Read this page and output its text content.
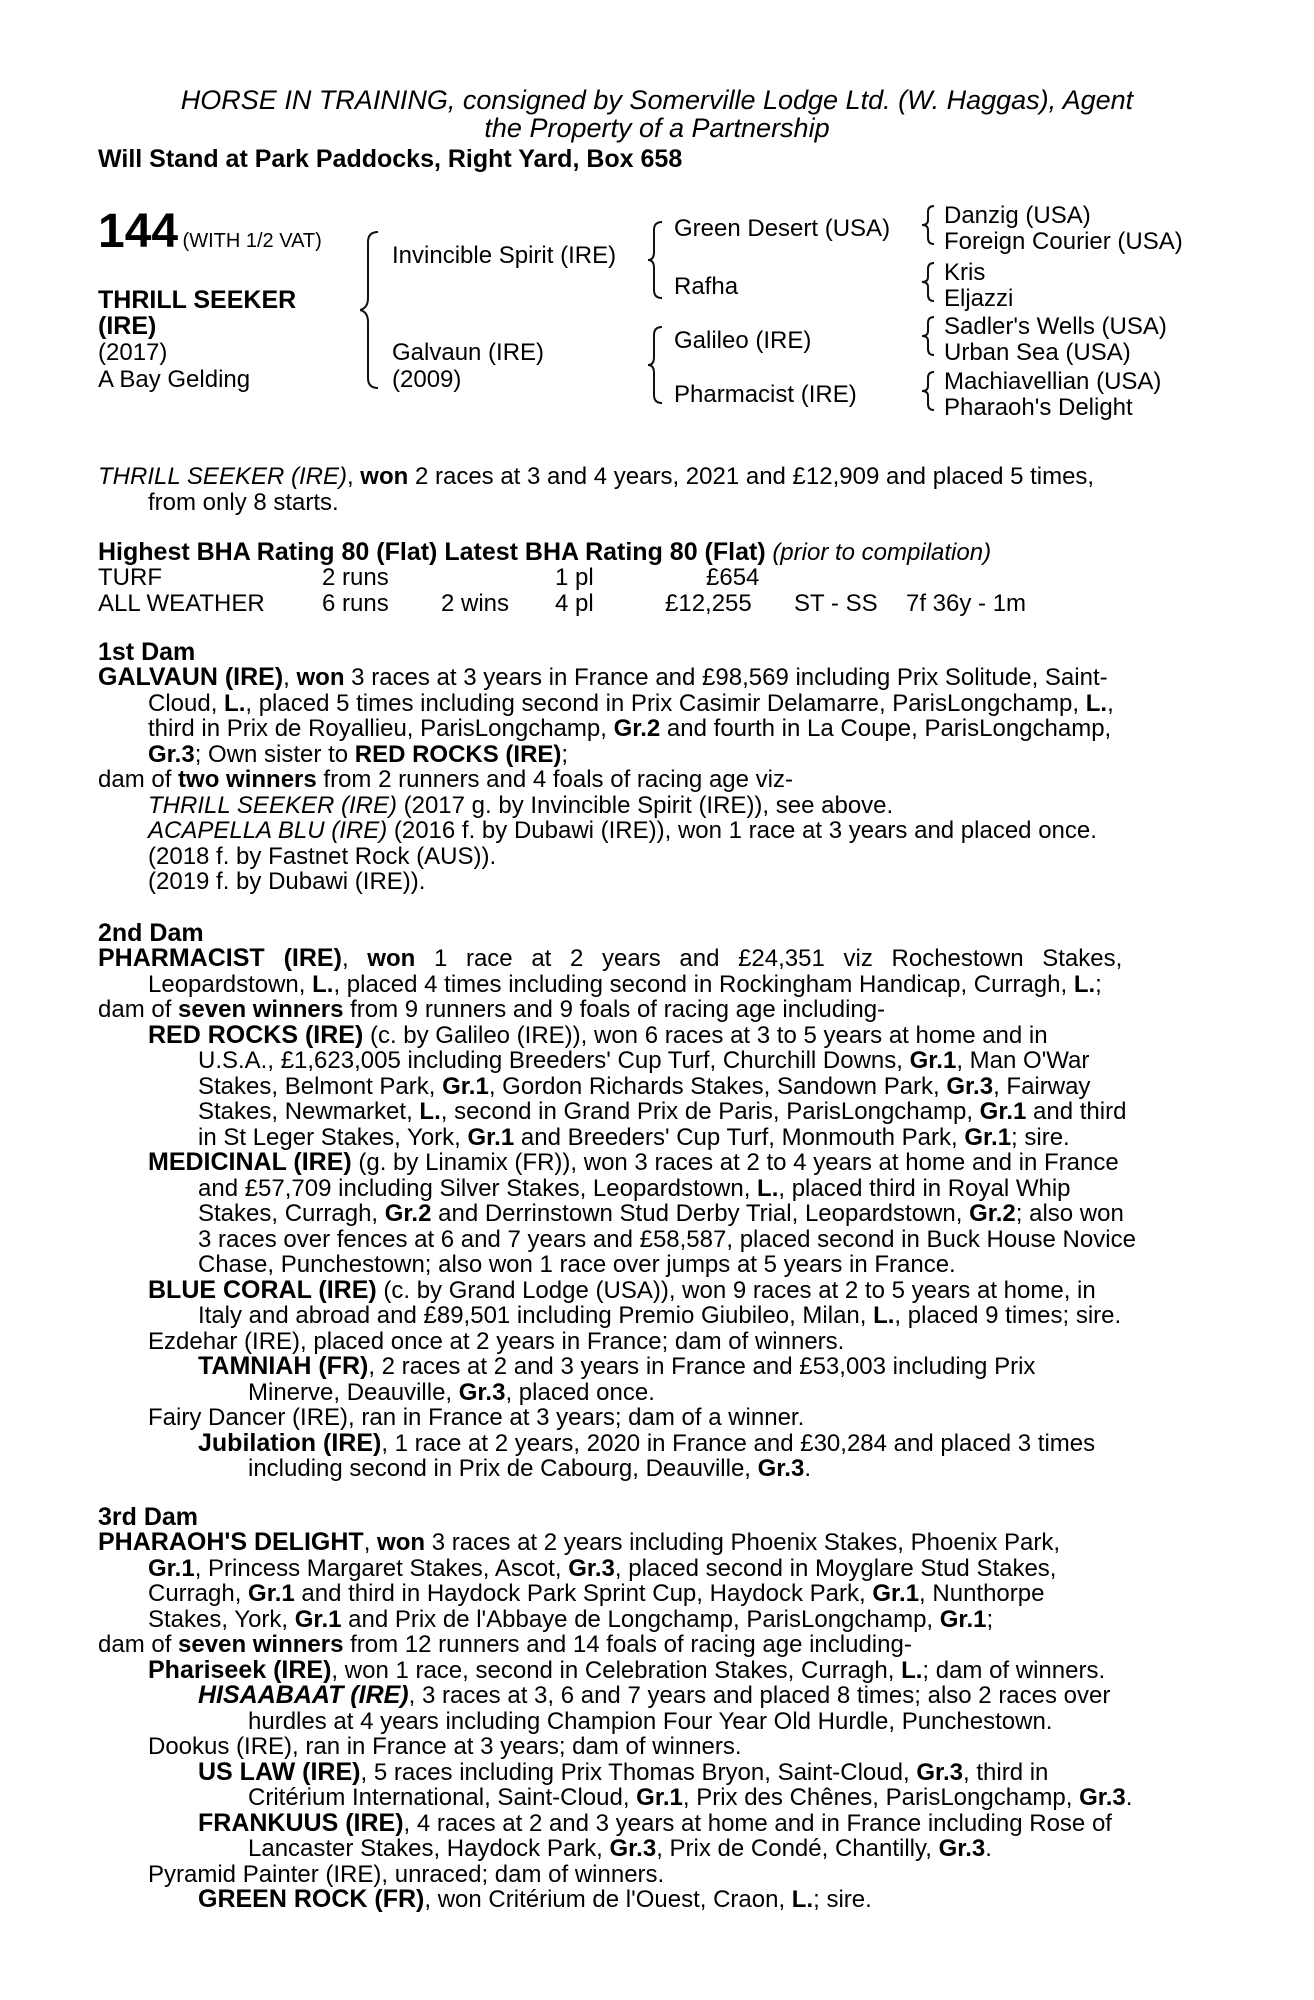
HORSE IN TRAINING, consigned by Somerville Lodge Ltd. (W. Haggas), Agent
the Property of a Partnership
Will Stand at Park Paddocks, Right Yard, Box 658
144 (WITH 1/2 VAT)
THRILL SEEKER
(IRE)
(2017)
A Bay Gelding
Invincible Spirit (IRE)
Galvaun (IRE)
(2009)
Green Desert (USA)
Rafha
Galileo (IRE)
Pharmacist (IRE)
Danzig (USA)
Foreign Courier (USA)
Kris
Eljazzi
Sadler's Wells (USA)
Urban Sea (USA)
Machiavellian (USA)
Pharaoh's Delight
THRILL SEEKER (IRE), won 2 races at 3 and 4 years, 2021 and £12,909 and placed 5 times,
from only 8 starts.
Highest BHA Rating 80 (Flat) Latest BHA Rating 80 (Flat) (prior to compilation)
TURF	2 runs	1 pl	£654
ALL WEATHER 6 runs 2 wins 4 pl	£12,255 ST - SS 7f 36y - 1m
1st Dam
GALVAUN (IRE), won 3 races at 3 years in France and £98,569 including Prix Solitude, Saint-
Cloud, L., placed 5 times including second in Prix Casimir Delamarre, ParisLongchamp, L.,
third in Prix de Royallieu, ParisLongchamp, Gr.2 and fourth in La Coupe, ParisLongchamp,
Gr.3; Own sister to RED ROCKS (IRE);
dam of two winners from 2 runners and 4 foals of racing age viz-
THRILL SEEKER (IRE) (2017 g. by Invincible Spirit (IRE)), see above.
ACAPELLA BLU (IRE) (2016 f. by Dubawi (IRE)), won 1 race at 3 years and placed once.
(2018 f. by Fastnet Rock (AUS)).
(2019 f. by Dubawi (IRE)).
2nd Dam
PHARMACIST (IRE), won 1 race at 2 years and £24,351 viz Rochestown Stakes,
Leopardstown, L., placed 4 times including second in Rockingham Handicap, Curragh, L.;
dam of seven winners from 9 runners and 9 foals of racing age including-
RED ROCKS (IRE) (c. by Galileo (IRE)), won 6 races at 3 to 5 years at home and in
U.S.A., £1,623,005 including Breeders' Cup Turf, Churchill Downs, Gr.1, Man O'War
Stakes, Belmont Park, Gr.1, Gordon Richards Stakes, Sandown Park, Gr.3, Fairway
Stakes, Newmarket, L., second in Grand Prix de Paris, ParisLongchamp, Gr.1 and third
in St Leger Stakes, York, Gr.1 and Breeders' Cup Turf, Monmouth Park, Gr.1; sire.
MEDICINAL (IRE) (g. by Linamix (FR)), won 3 races at 2 to 4 years at home and in France
and £57,709 including Silver Stakes, Leopardstown, L., placed third in Royal Whip
Stakes, Curragh, Gr.2 and Derrinstown Stud Derby Trial, Leopardstown, Gr.2; also won
3 races over fences at 6 and 7 years and £58,587, placed second in Buck House Novice
Chase, Punchestown; also won 1 race over jumps at 5 years in France.
BLUE CORAL (IRE) (c. by Grand Lodge (USA)), won 9 races at 2 to 5 years at home, in
Italy and abroad and £89,501 including Premio Giubileo, Milan, L., placed 9 times; sire.
Ezdehar (IRE), placed once at 2 years in France; dam of winners.
TAMNIAH (FR), 2 races at 2 and 3 years in France and £53,003 including Prix
Minerve, Deauville, Gr.3, placed once.
Fairy Dancer (IRE), ran in France at 3 years; dam of a winner.
Jubilation (IRE), 1 race at 2 years, 2020 in France and £30,284 and placed 3 times
including second in Prix de Cabourg, Deauville, Gr.3.
3rd Dam
PHARAOH'S DELIGHT, won 3 races at 2 years including Phoenix Stakes, Phoenix Park,
Gr.1, Princess Margaret Stakes, Ascot, Gr.3, placed second in Moyglare Stud Stakes,
Curragh, Gr.1 and third in Haydock Park Sprint Cup, Haydock Park, Gr.1, Nunthorpe
Stakes, York, Gr.1 and Prix de l'Abbaye de Longchamp, ParisLongchamp, Gr.1;
dam of seven winners from 12 runners and 14 foals of racing age including-
Phariseek (IRE), won 1 race, second in Celebration Stakes, Curragh, L.; dam of winners.
HISAABAAT (IRE), 3 races at 3, 6 and 7 years and placed 8 times; also 2 races over
hurdles at 4 years including Champion Four Year Old Hurdle, Punchestown.
Dookus (IRE), ran in France at 3 years; dam of winners.
US LAW (IRE), 5 races including Prix Thomas Bryon, Saint-Cloud, Gr.3, third in
Critérium International, Saint-Cloud, Gr.1, Prix des Chênes, ParisLongchamp, Gr.3.
FRANKUUS (IRE), 4 races at 2 and 3 years at home and in France including Rose of
Lancaster Stakes, Haydock Park, Gr.3, Prix de Condé, Chantilly, Gr.3.
Pyramid Painter (IRE), unraced; dam of winners.
GREEN ROCK (FR), won Critérium de l'Ouest, Craon, L.; sire.
